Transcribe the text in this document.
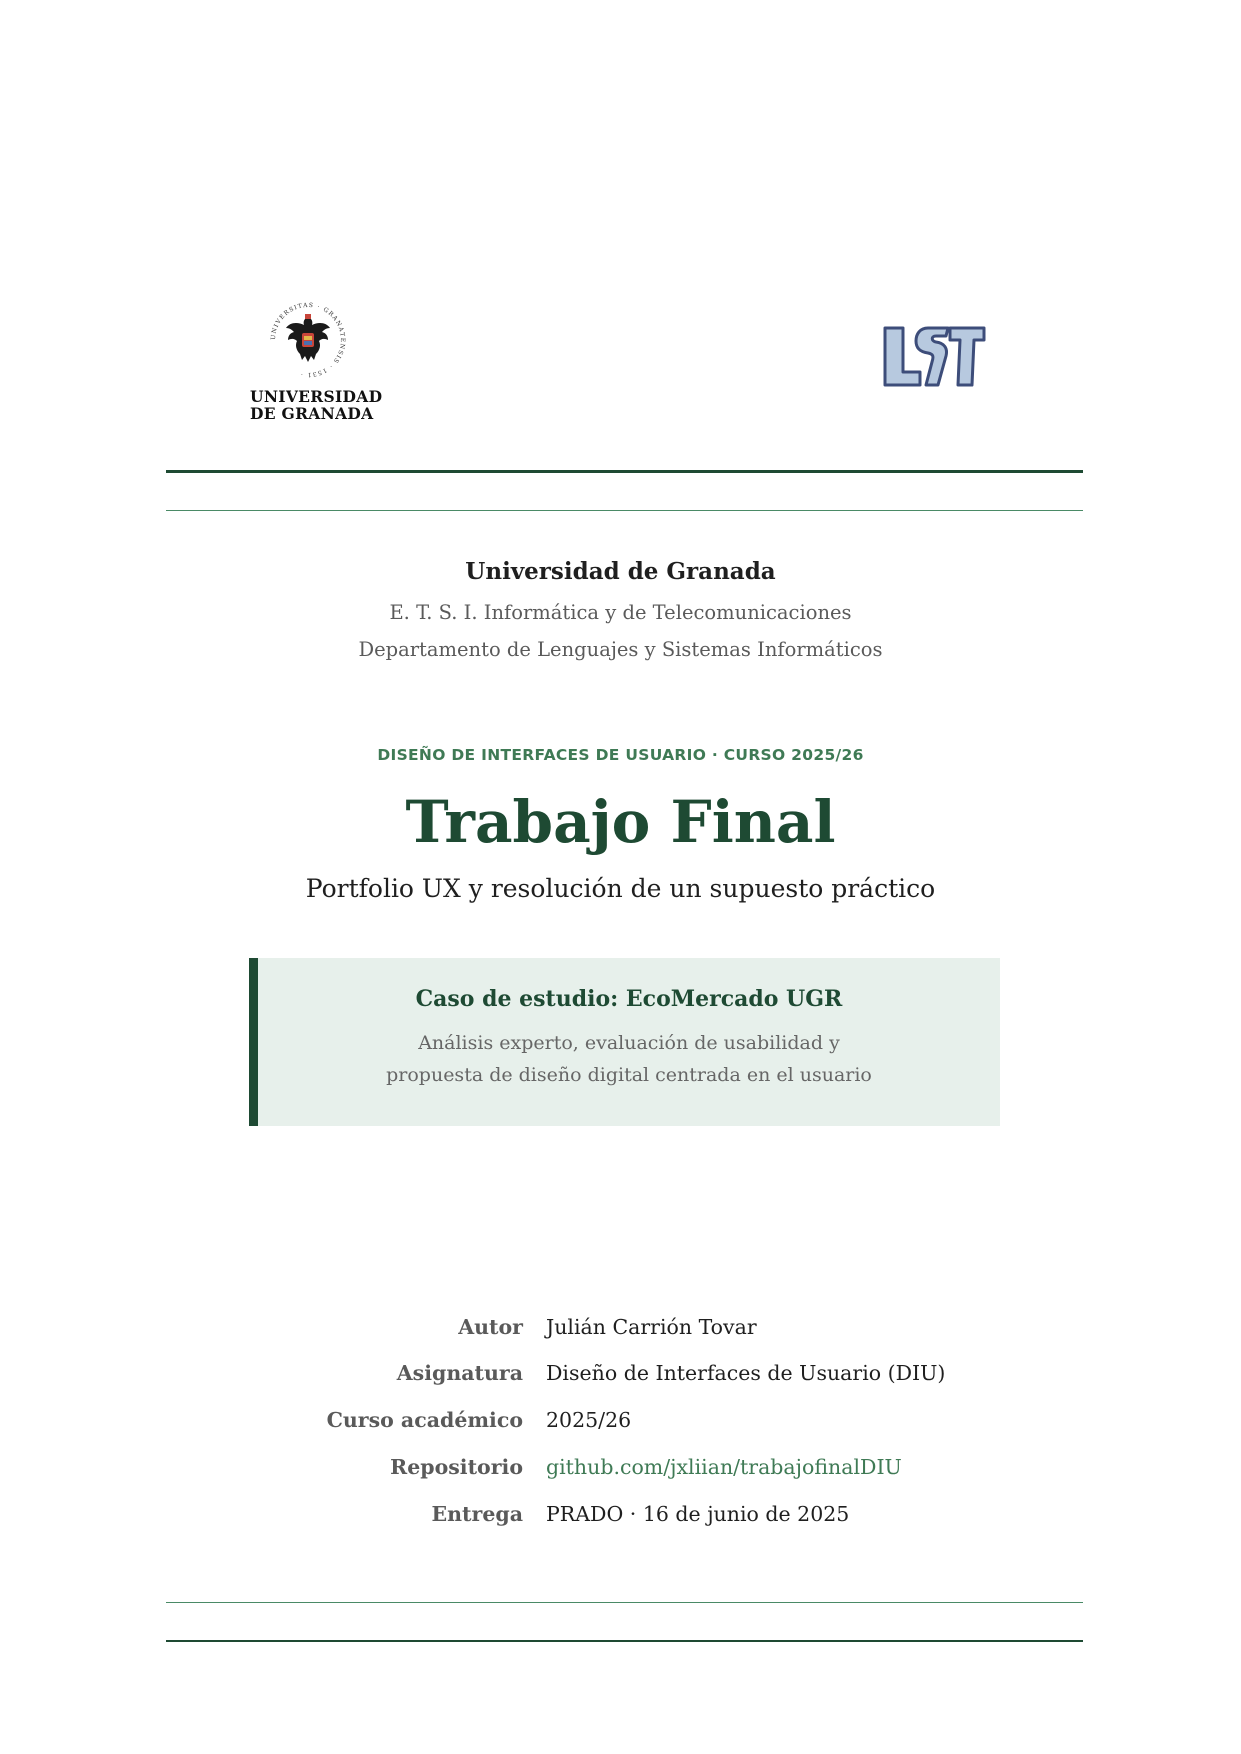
UNIVERSITAS · GRANATENSIS · 1531 ·
UNIVERSIDAD
DE GRANADA
Universidad de Granada
E. T. S. I. Informática y de Telecomunicaciones
Departamento de Lenguajes y Sistemas Informáticos
DISEÑO DE INTERFACES DE USUARIO · CURSO 2025/26
Trabajo Final
Portfolio UX y resolución de un supuesto práctico
Caso de estudio: EcoMercado UGR
Análisis experto, evaluación de usabilidad y
propuesta de diseño digital centrada en el usuario
Autor Julián Carrión Tovar
Asignatura Diseño de Interfaces de Usuario (DIU)
Curso académico 2025/26
Repositorio github.com/jxliian/trabajofinalDIU
Entrega PRADO · 16 de junio de 2025
